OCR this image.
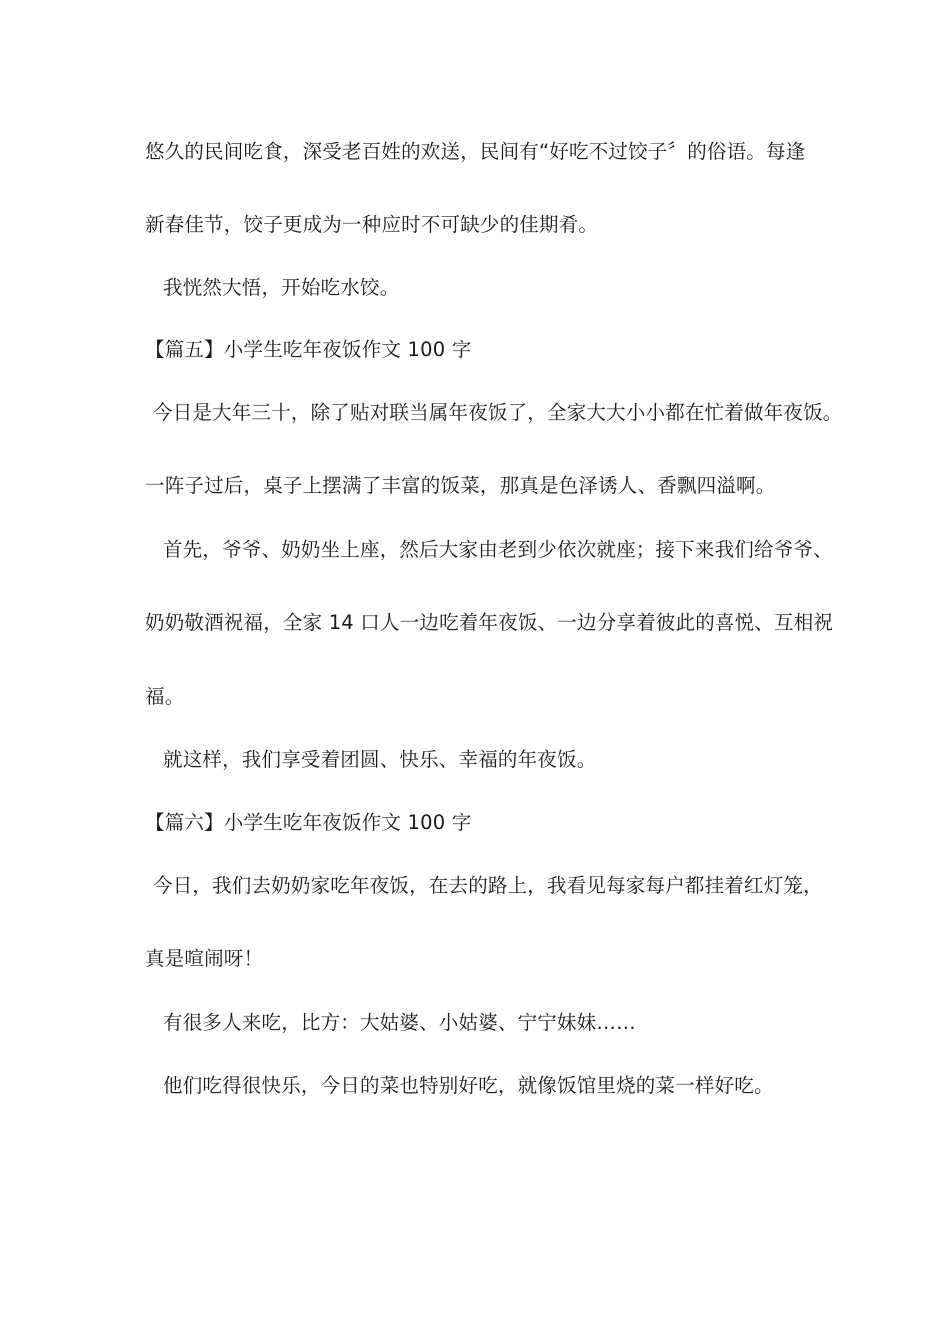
悠久的民间吃食，深受老百姓的欢送，民间有“好吃不过饺子〞的俗语。每逢
新春佳节，饺子更成为一种应时不可缺少的佳期肴。
我恍然大悟，开始吃水饺。
【篇五】小学生吃年夜饭作文 100 字
今日是大年三十，除了贴对联当属年夜饭了，全家大大小小都在忙着做年夜饭。
一阵子过后，桌子上摆满了丰富的饭菜，那真是色泽诱人、香飘四溢啊。
首先，爷爷、奶奶坐上座，然后大家由老到少依次就座；接下来我们给爷爷、
奶奶敬酒祝福，全家 14 口人一边吃着年夜饭、一边分享着彼此的喜悦、互相祝
福。
就这样，我们享受着团圆、快乐、幸福的年夜饭。
【篇六】小学生吃年夜饭作文 100 字
今日，我们去奶奶家吃年夜饭，在去的路上，我看见每家每户都挂着红灯笼，
真是喧闹呀！
有很多人来吃，比方：大姑婆、小姑婆、宁宁妹妹……
他们吃得很快乐，今日的菜也特别好吃，就像饭馆里烧的菜一样好吃。
